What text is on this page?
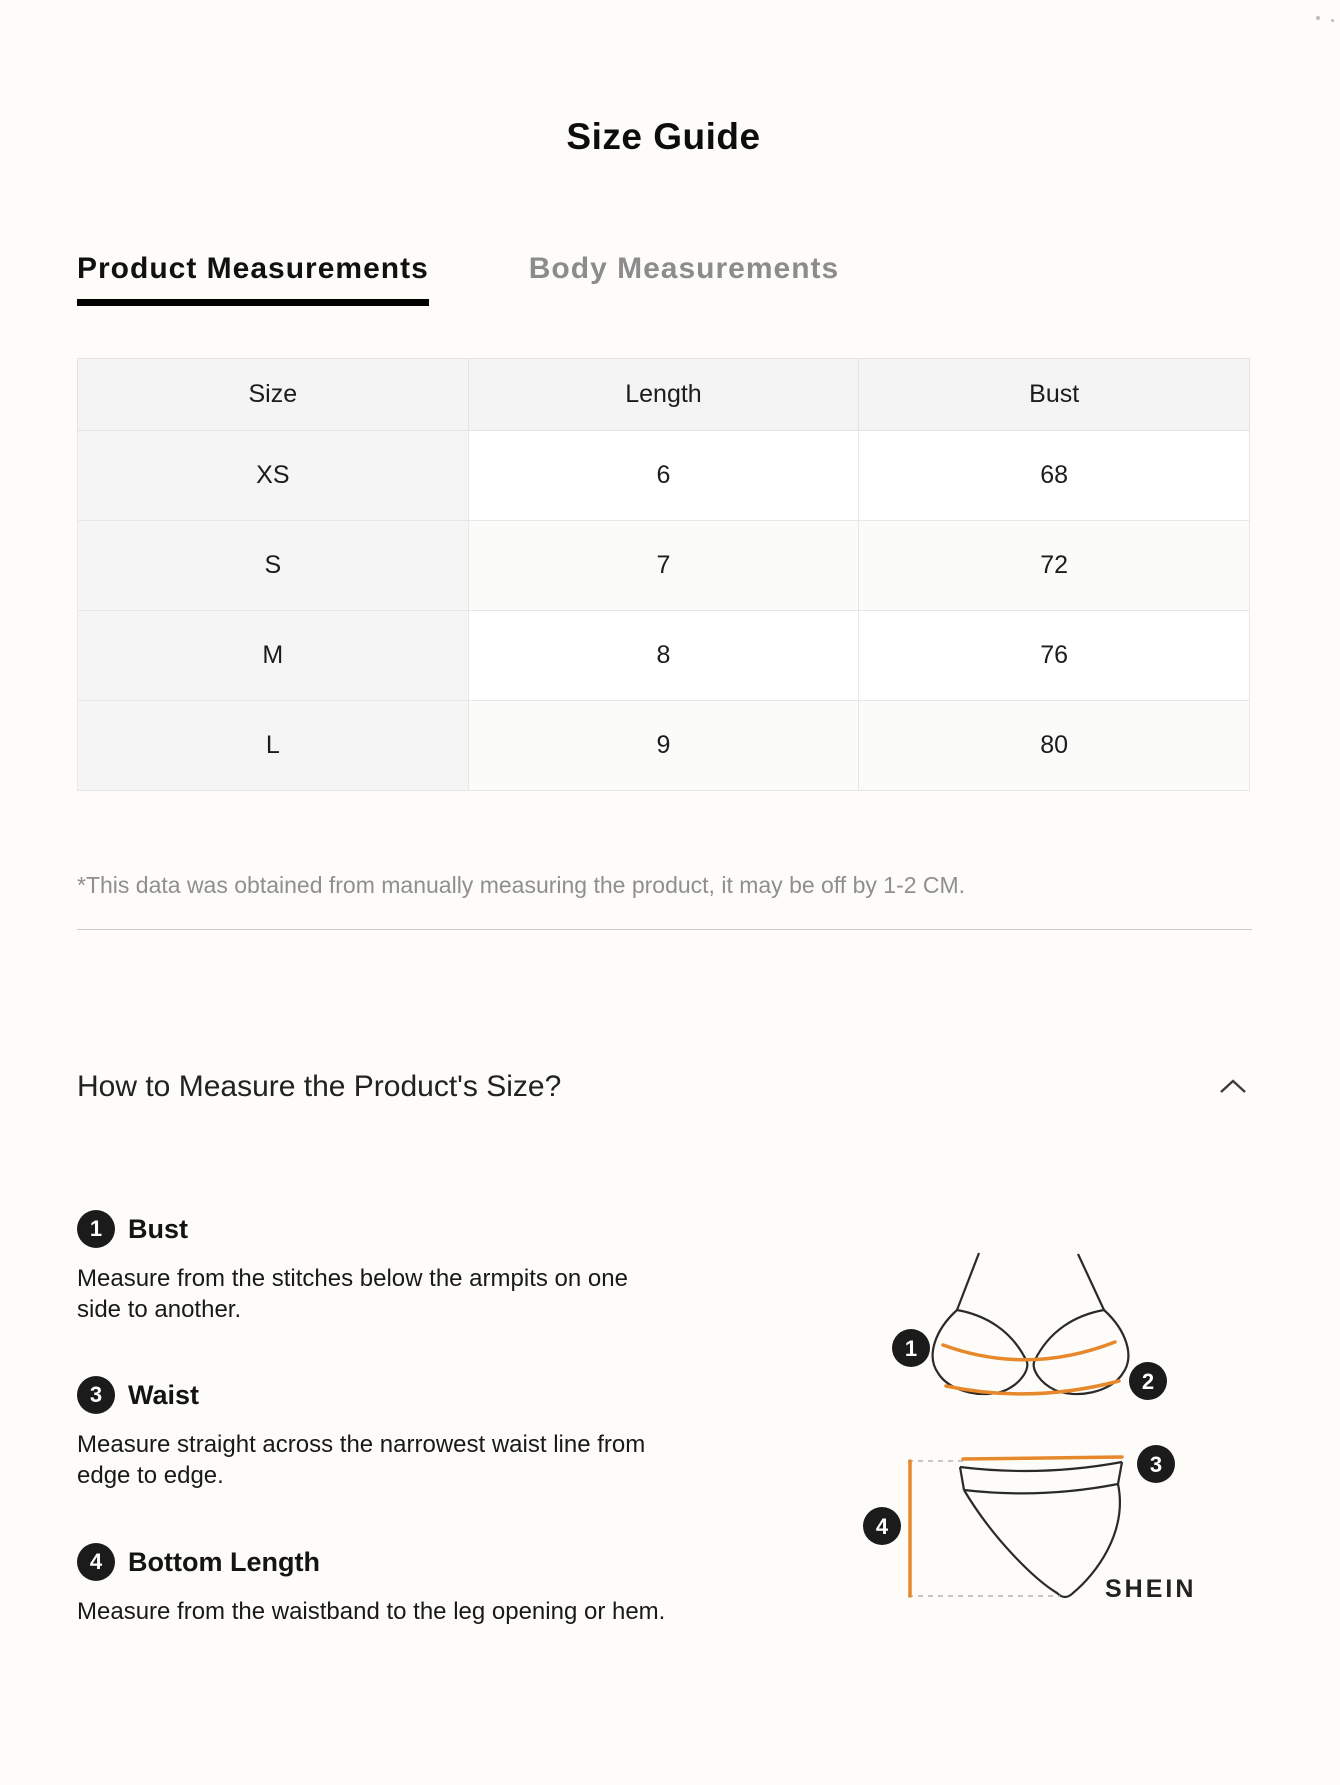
Size Guide
Product Measurements	Body Measurements
Size	Length	Bust
XS	6	68
S	7	72
M	8	76
L	9	80

*This data was obtained from manually measuring the product, it may be off by 1-2 CM.

How to Measure the Product's Size?
1 Bust
Measure from the stitches below the armpits on one side to another.
3 Waist
Measure straight across the narrowest waist line from edge to edge.
4 Bottom Length
Measure from the waistband to the leg opening or hem.
1
2
3
4
SHEIN
